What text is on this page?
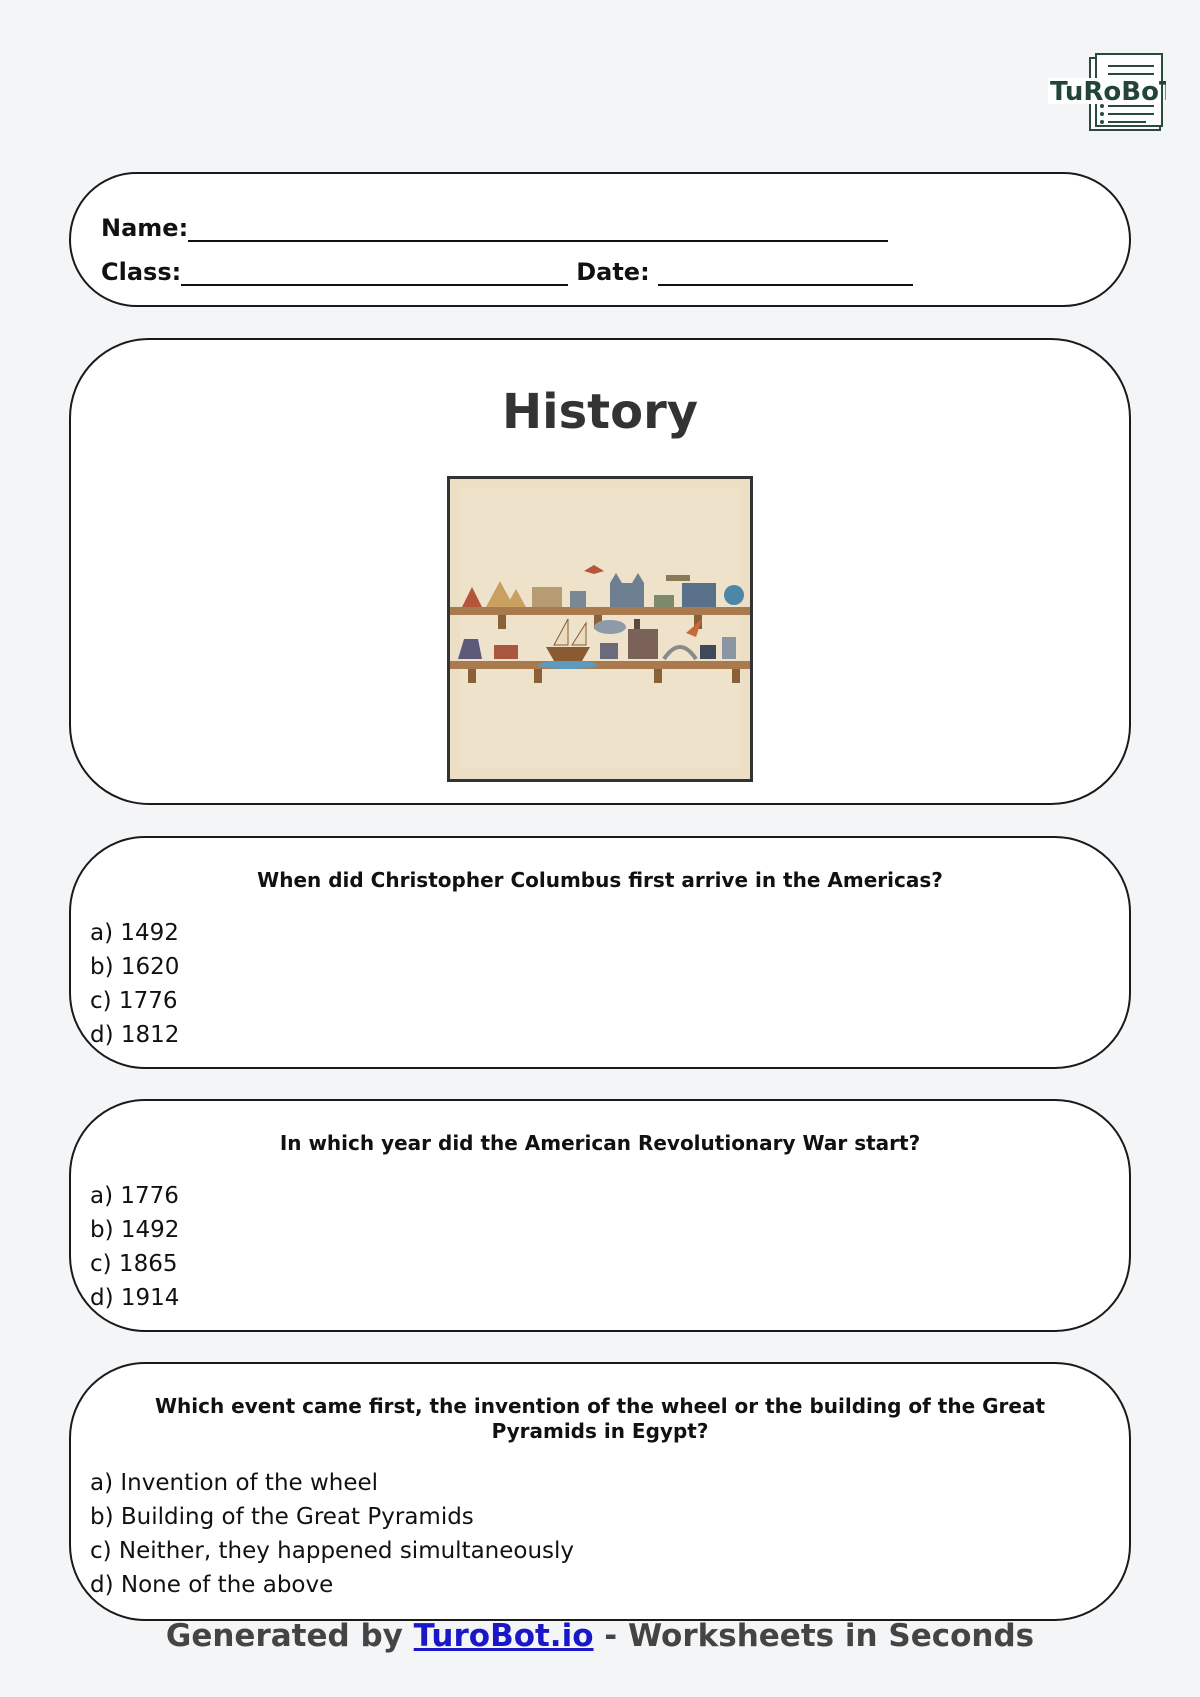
TuRoBoT
Name:
Class:	Date:
History
When did Christopher Columbus first arrive in the Americas?
a) 1492
b) 1620
c) 1776
d) 1812
In which year did the American Revolutionary War start?
a) 1776
b) 1492
c) 1865
d) 1914
Which event came first, the invention of the wheel or the building of the Great Pyramids in Egypt?
a) Invention of the wheel
b) Building of the Great Pyramids
c) Neither, they happened simultaneously
d) None of the above
Generated by TuroBot.io - Worksheets in Seconds
